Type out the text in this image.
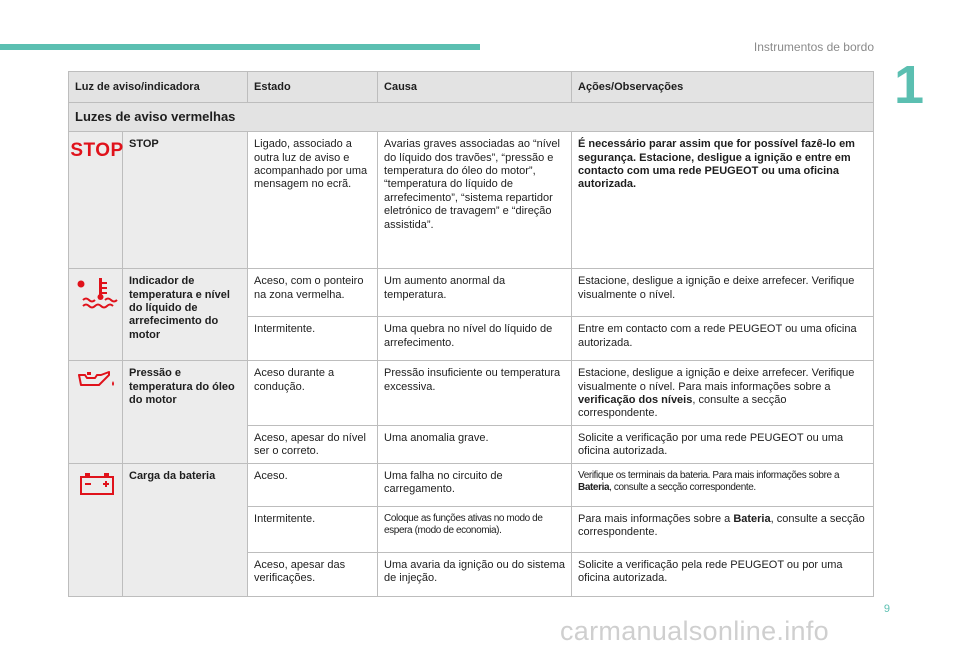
Instrumentos de bordo
1
Luz de aviso/indicadora		Estado	Causa	Ações/Observações
Luzes de aviso vermelhas				

STOP	STOP	Ligado, associado a outra luz de aviso e acompanhado por uma mensagem no ecrã.	Avarias graves associadas ao “nível do líquido dos travões”, “pressão e temperatura do óleo do motor”, “temperatura do líquido de arrefecimento”, “sistema repartidor eletrónico de travagem” e “direção assistida”.	É necessário parar assim que for possível fazê-lo em segurança. Estacione, desligue a ignição e entre em contacto com uma rede PEUGEOT ou uma oficina autorizada.

	Indicador de temperatura e nível do líquido de arrefecimento do motor	Aceso, com o ponteiro na zona vermelha.	Um aumento anormal da temperatura.	Estacione, desligue a ignição e deixe arrefecer. Verifique visualmente o nível.
		Intermitente.	Uma quebra no nível do líquido de arrefecimento.	Entre em contacto com a rede PEUGEOT ou uma oficina autorizada.

	Pressão e temperatura do óleo do motor	Aceso durante a condução.	Pressão insuficiente ou temperatura excessiva.	Estacione, desligue a ignição e deixe arrefecer. Verifique visualmente o nível. Para mais informações sobre a verificação dos níveis, consulte a secção correspondente.
		Aceso, apesar do nível ser o correto.	Uma anomalia grave.	Solicite a verificação por uma rede PEUGEOT ou uma oficina autorizada.

	Carga da bateria	Aceso.	Uma falha no circuito de carregamento.	Verifique os terminais da bateria. Para mais informações sobre a Bateria, consulte a secção correspondente.
		Intermitente.	Coloque as funções ativas no modo de espera (modo de economia).	Para mais informações sobre a Bateria, consulte a secção correspondente.
		Aceso, apesar das verificações.	Uma avaria da ignição ou do sistema de injeção.	Solicite a verificação pela rede PEUGEOT ou por uma oficina autorizada.
9
carmanualsonline.info
